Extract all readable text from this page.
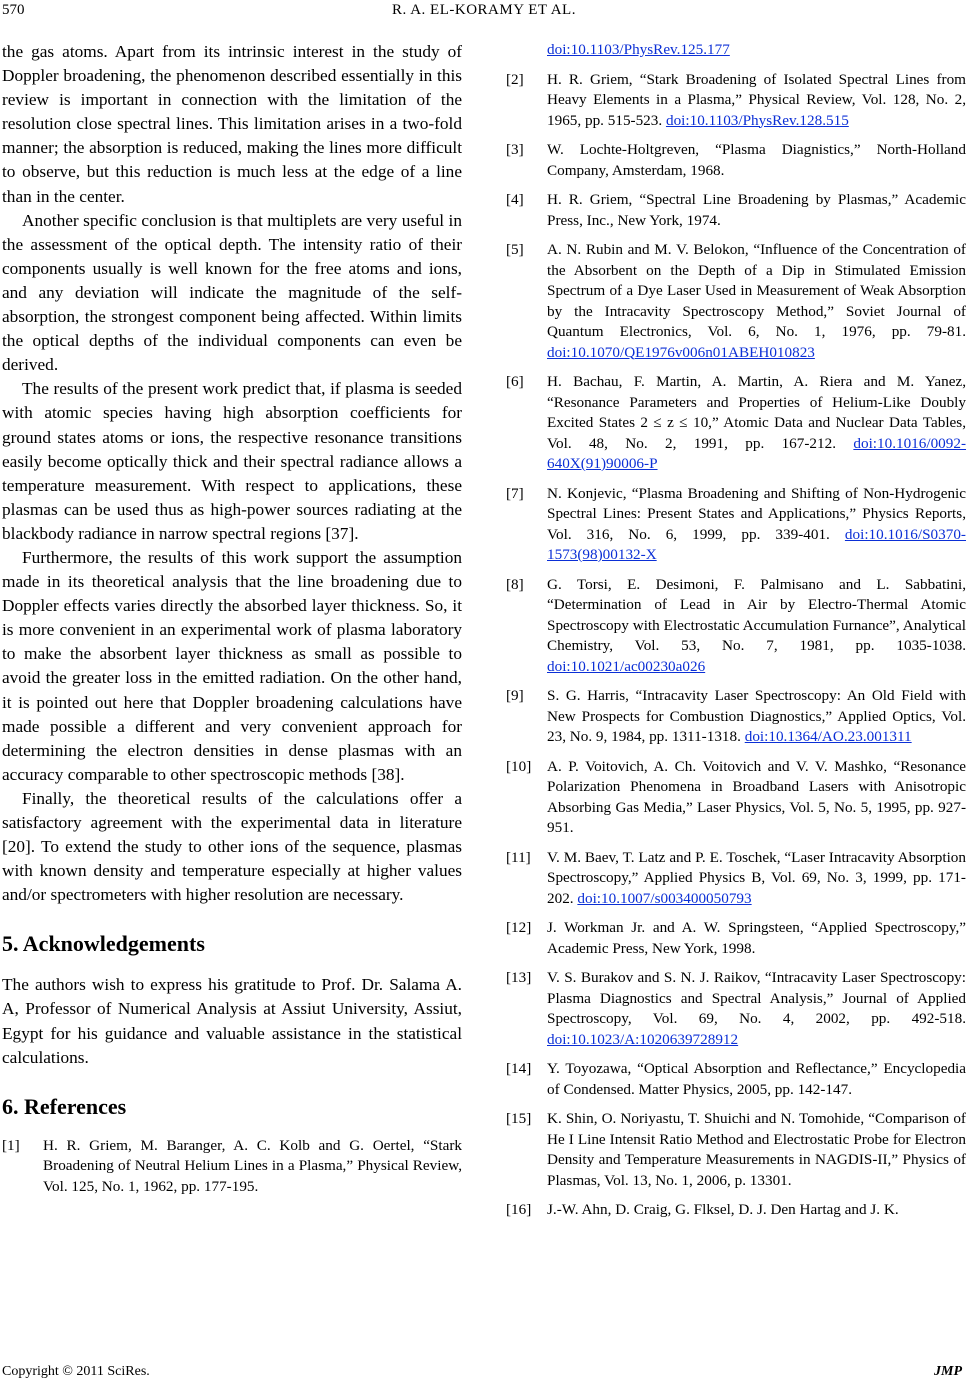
570	R. A. EL-KORAMY ET AL.

the gas atoms. Apart from its intrinsic interest in the study of Doppler broadening, the phenomenon described essentially in this review is important in connection with the limitation of the resolution close spectral lines. This limitation arises in a two-fold manner; the absorption is reduced, making the lines more difficult to observe, but this reduction is much less at the edge of a line than in the center.

Another specific conclusion is that multiplets are very useful in the assessment of the optical depth. The intensity ratio of their components usually is well known for the free atoms and ions, and any deviation will indicate the magnitude of the self-absorption, the strongest component being affected. Within limits the optical depths of the individual components can even be derived.

The results of the present work predict that, if plasma is seeded with atomic species having high absorption coefficients for ground states atoms or ions, the respective resonance transitions easily become optically thick and their spectral radiance allows a temperature measurement. With respect to applications, these plasmas can be used thus as high-power sources radiating at the blackbody radiance in narrow spectral regions [37].

Furthermore, the results of this work support the assumption made in its theoretical analysis that the line broadening due to Doppler effects varies directly the absorbed layer thickness. So, it is more convenient in an experimental work of plasma laboratory to make the absorbent layer thickness as small as possible to avoid the greater loss in the emitted radiation. On the other hand, it is pointed out here that Doppler broadening calculations have made possible a different and very convenient approach for determining the electron densities in dense plasmas with an accuracy comparable to other spectroscopic methods [38].

Finally, the theoretical results of the calculations offer a satisfactory agreement with the experimental data in literature [20]. To extend the study to other ions of the sequence, plasmas with known density and temperature especially at higher values and/or spectrometers with higher resolution are necessary.

5. Acknowledgements

The authors wish to express his gratitude to Prof. Dr. Salama A. A, Professor of Numerical Analysis at Assiut University, Assiut, Egypt for his guidance and valuable assistance in the statistical calculations.

6. References
[1] H. R. Griem, M. Baranger, A. C. Kolb and G. Oertel, “Stark Broadening of Neutral Helium Lines in a Plasma,” Physical Review, Vol. 125, No. 1, 1962, pp. 177-195.
doi:10.1103/PhysRev.125.177
[2] H. R. Griem, “Stark Broadening of Isolated Spectral Lines from Heavy Elements in a Plasma,” Physical Review, Vol. 128, No. 2, 1965, pp. 515-523. doi:10.1103/PhysRev.128.515
[3] W. Lochte-Holtgreven, “Plasma Diagnistics,” North-Holland Company, Amsterdam, 1968.
[4] H. R. Griem, “Spectral Line Broadening by Plasmas,” Academic Press, Inc., New York, 1974.
[5] A. N. Rubin and M. V. Belokon, “Influence of the Concentration of the Absorbent on the Depth of a Dip in Stimulated Emission Spectrum of a Dye Laser Used in Measurement of Weak Absorption by the Intracavity Spectroscopy Method,” Soviet Journal of Quantum Electronics, Vol. 6, No. 1, 1976, pp. 79-81. doi:10.1070/QE1976v006n01ABEH010823
[6] H. Bachau, F. Martin, A. Martin, A. Riera and M. Yanez, “Resonance Parameters and Properties of Helium-Like Doubly Excited States 2 ≤ z ≤ 10,” Atomic Data and Nuclear Data Tables, Vol. 48, No. 2, 1991, pp. 167-212. doi:10.1016/0092-640X(91)90006-P
[7] N. Konjevic, “Plasma Broadening and Shifting of Non-Hydrogenic Spectral Lines: Present States and Applications,” Physics Reports, Vol. 316, No. 6, 1999, pp. 339-401. doi:10.1016/S0370-1573(98)00132-X
[8] G. Torsi, E. Desimoni, F. Palmisano and L. Sabbatini, “Determination of Lead in Air by Electro-Thermal Atomic Spectroscopy with Electrostatic Accumulation Furnance”, Analytical Chemistry, Vol. 53, No. 7, 1981, pp. 1035-1038. doi:10.1021/ac00230a026
[9] S. G. Harris, “Intracavity Laser Spectroscopy: An Old Field with New Prospects for Combustion Diagnostics,” Applied Optics, Vol. 23, No. 9, 1984, pp. 1311-1318. doi:10.1364/AO.23.001311
[10] A. P. Voitovich, A. Ch. Voitovich and V. V. Mashko, “Resonance Polarization Phenomena in Broadband Lasers with Anisotropic Absorbing Gas Media,” Laser Physics, Vol. 5, No. 5, 1995, pp. 927-951.
[11] V. M. Baev, T. Latz and P. E. Toschek, “Laser Intracavity Absorption Spectroscopy,” Applied Physics B, Vol. 69, No. 3, 1999, pp. 171-202. doi:10.1007/s003400050793
[12] J. Workman Jr. and A. W. Springsteen, “Applied Spectroscopy,” Academic Press, New York, 1998.
[13] V. S. Burakov and S. N. J. Raikov, “Intracavity Laser Spectroscopy: Plasma Diagnostics and Spectral Analysis,” Journal of Applied Spectroscopy, Vol. 69, No. 4, 2002, pp. 492-518. doi:10.1023/A:1020639728912
[14] Y. Toyozawa, “Optical Absorption and Reflectance,” Encyclopedia of Condensed. Matter Physics, 2005, pp. 142-147.
[15] K. Shin, O. Noriyastu, T. Shuichi and N. Tomohide, “Comparison of He I Line Intensit Ratio Method and Electrostatic Probe for Electron Density and Temperature Measurements in NAGDIS-II,” Physics of Plasmas, Vol. 13, No. 1, 2006, p. 13301.
[16] J.-W. Ahn, D. Craig, G. Flksel, D. J. Den Hartag and J. K.
Copyright © 2011 SciRes.	JMP
